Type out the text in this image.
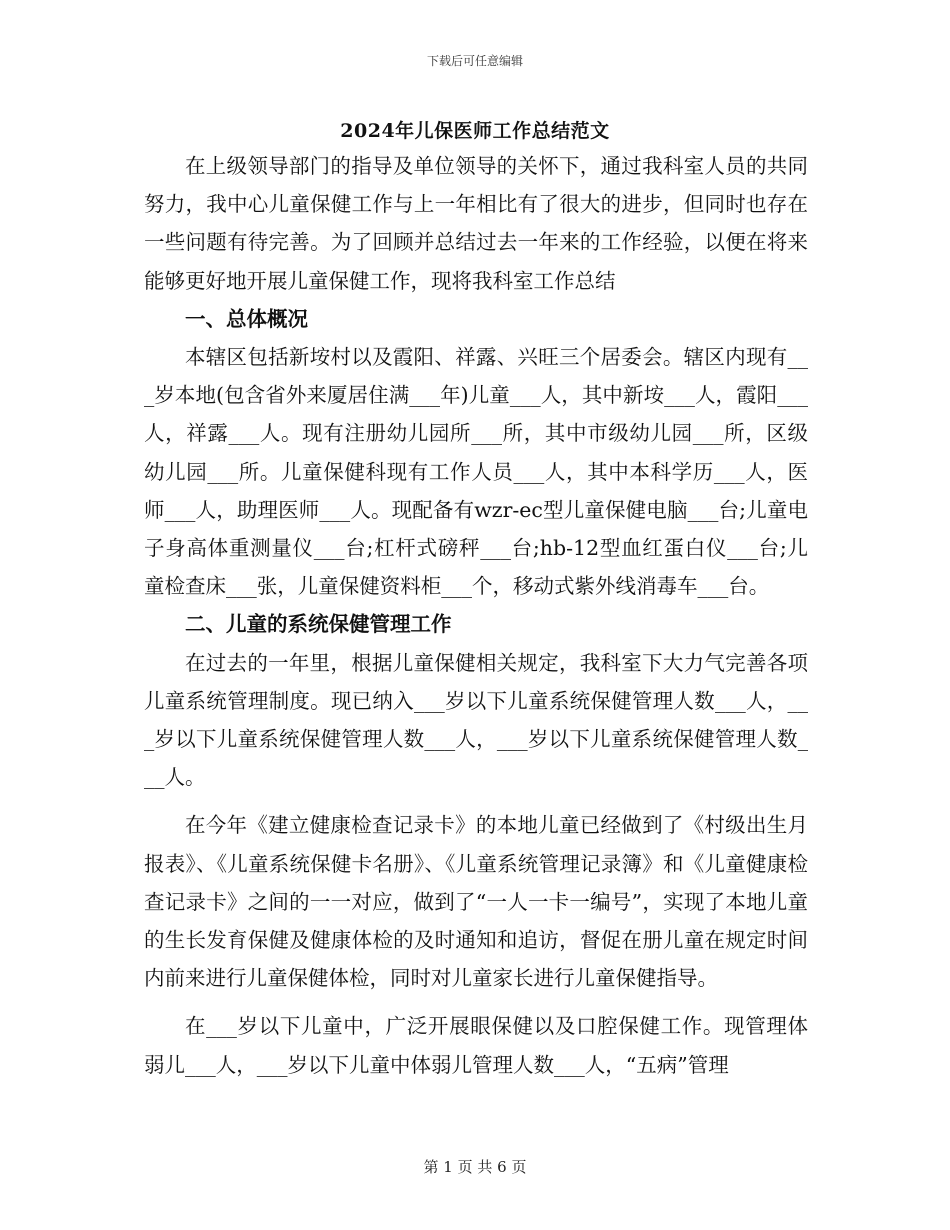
下载后可任意编辑
2024年儿保医师工作总结范文

在上级领导部门的指导及单位领导的关怀下，通过我科室人员的共同努力，我中心儿童保健工作与上一年相比有了很大的进步，但同时也存在一些问题有待完善。为了回顾并总结过去一年来的工作经验，以便在将来能够更好地开展儿童保健工作，现将我科室工作总结

一、总体概况

本辖区包括新垵村以及霞阳、祥露、兴旺三个居委会。辖区内现有___岁本地(包含省外来厦居住满___年)儿童___人，其中新垵___人，霞阳___人，祥露___人。现有注册幼儿园所___所，其中市级幼儿园___所，区级幼儿园___所。儿童保健科现有工作人员___人，其中本科学历___人，医师___人，助理医师___人。现配备有wzr-ec型儿童保健电脑___台;儿童电子身高体重测量仪___台;杠杆式磅秤___台;hb-12型血红蛋白仪___台;儿童检查床___张，儿童保健资料柜___个，移动式紫外线消毒车___台。

二、儿童的系统保健管理工作

在过去的一年里，根据儿童保健相关规定，我科室下大力气完善各项儿童系统管理制度。现已纳入___岁以下儿童系统保健管理人数___人，___岁以下儿童系统保健管理人数___人，___岁以下儿童系统保健管理人数___人。

在今年《建立健康检查记录卡》的本地儿童已经做到了《村级出生月报表》、《儿童系统保健卡名册》、《儿童系统管理记录簿》和《儿童健康检查记录卡》之间的一一对应，做到了“一人一卡一编号”，实现了本地儿童的生长发育保健及健康体检的及时通知和追访，督促在册儿童在规定时间内前来进行儿童保健体检，同时对儿童家长进行儿童保健指导。

在___岁以下儿童中，广泛开展眼保健以及口腔保健工作。现管理体弱儿___人，___岁以下儿童中体弱儿管理人数___人，“五病”管理

第 1 页 共 6 页
